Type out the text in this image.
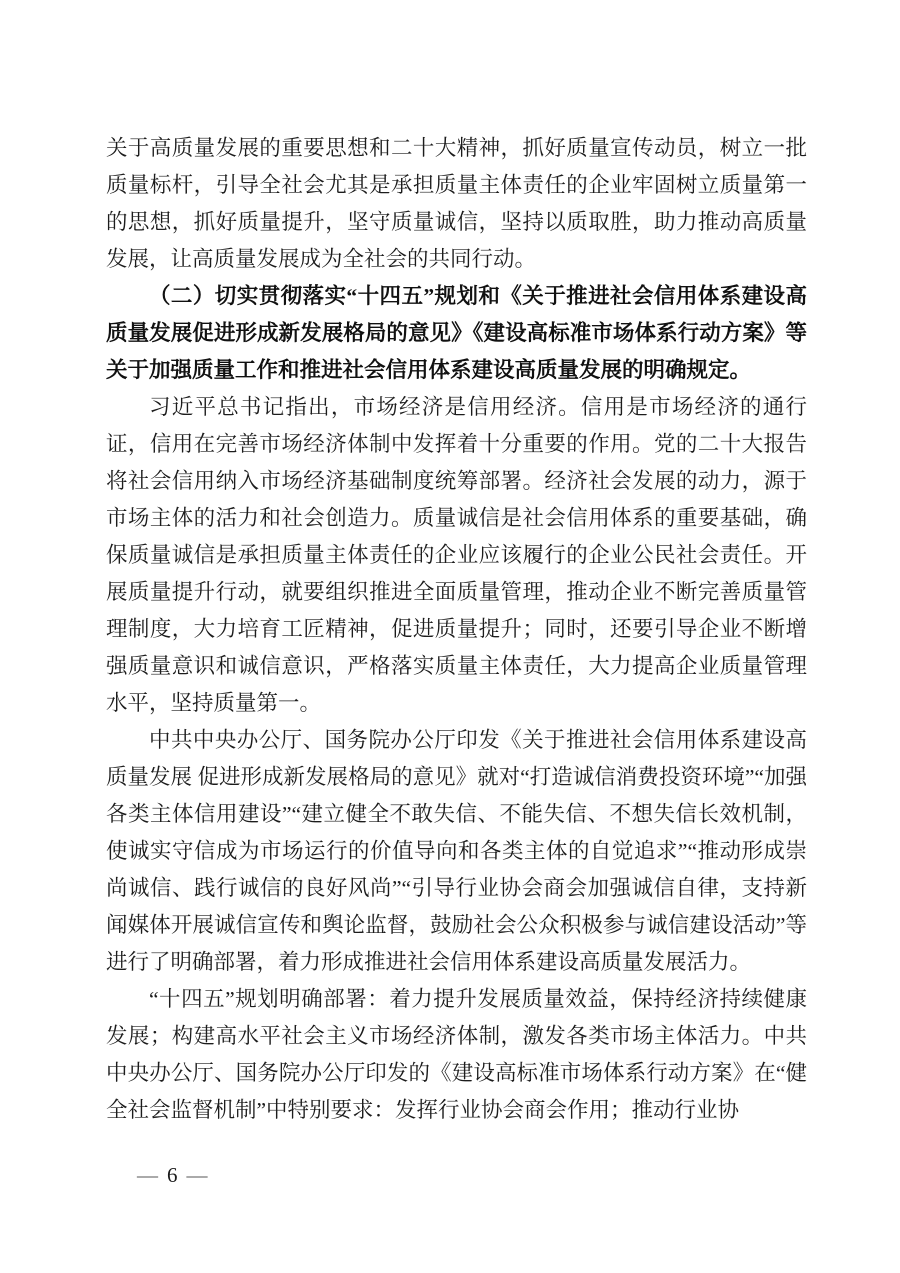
关于高质量发展的重要思想和二十大精神，抓好质量宣传动员，树立一批质量标杆，引导全社会尤其是承担质量主体责任的企业牢固树立质量第一的思想，抓好质量提升，坚守质量诚信，坚持以质取胜，助力推动高质量发展，让高质量发展成为全社会的共同行动。

（二）切实贯彻落实“十四五”规划和《关于推进社会信用体系建设高质量发展促进形成新发展格局的意见》《建设高标准市场体系行动方案》等关于加强质量工作和推进社会信用体系建设高质量发展的明确规定。

习近平总书记指出，市场经济是信用经济。信用是市场经济的通行证，信用在完善市场经济体制中发挥着十分重要的作用。党的二十大报告将社会信用纳入市场经济基础制度统筹部署。经济社会发展的动力，源于市场主体的活力和社会创造力。质量诚信是社会信用体系的重要基础，确保质量诚信是承担质量主体责任的企业应该履行的企业公民社会责任。开展质量提升行动，就要组织推进全面质量管理，推动企业不断完善质量管理制度，大力培育工匠精神，促进质量提升；同时，还要引导企业不断增强质量意识和诚信意识，严格落实质量主体责任，大力提高企业质量管理水平，坚持质量第一。

中共中央办公厅、国务院办公厅印发《关于推进社会信用体系建设高质量发展 促进形成新发展格局的意见》就对“打造诚信消费投资环境”“加强各类主体信用建设”“建立健全不敢失信、不能失信、不想失信长效机制，使诚实守信成为市场运行的价值导向和各类主体的自觉追求”“推动形成崇尚诚信、践行诚信的良好风尚”“引导行业协会商会加强诚信自律，支持新闻媒体开展诚信宣传和舆论监督，鼓励社会公众积极参与诚信建设活动”等进行了明确部署，着力形成推进社会信用体系建设高质量发展活力。

“十四五”规划明确部署：着力提升发展质量效益，保持经济持续健康发展；构建高水平社会主义市场经济体制，激发各类市场主体活力。中共中央办公厅、国务院办公厅印发的《建设高标准市场体系行动方案》在“健全社会监督机制”中特别要求：发挥行业协会商会作用；推动行业协

— 6 —
